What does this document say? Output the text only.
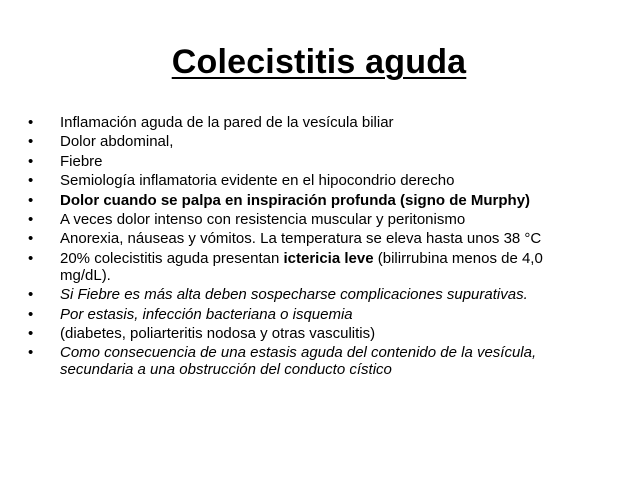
Colecistitis aguda
•	Inflamación aguda de la pared de la vesícula biliar
•	Dolor abdominal,
•	Fiebre
•	Semiología inflamatoria evidente en el hipocondrio derecho
•	Dolor cuando se palpa en inspiración profunda (signo de Murphy)
•	A veces dolor intenso con resistencia muscular y peritonismo
•	Anorexia, náuseas y vómitos. La temperatura se eleva hasta unos 38 °C
•	20% colecistitis aguda presentan ictericia leve (bilirrubina menos de 4,0 mg/dL).
•	Si Fiebre es más alta deben sospecharse complicaciones supurativas.
•	Por estasis, infección bacteriana o isquemia
•	(diabetes, poliarteritis nodosa y otras vasculitis)
•	Como consecuencia de una estasis aguda del contenido de la vesícula, secundaria a una obstrucción del conducto cístico
